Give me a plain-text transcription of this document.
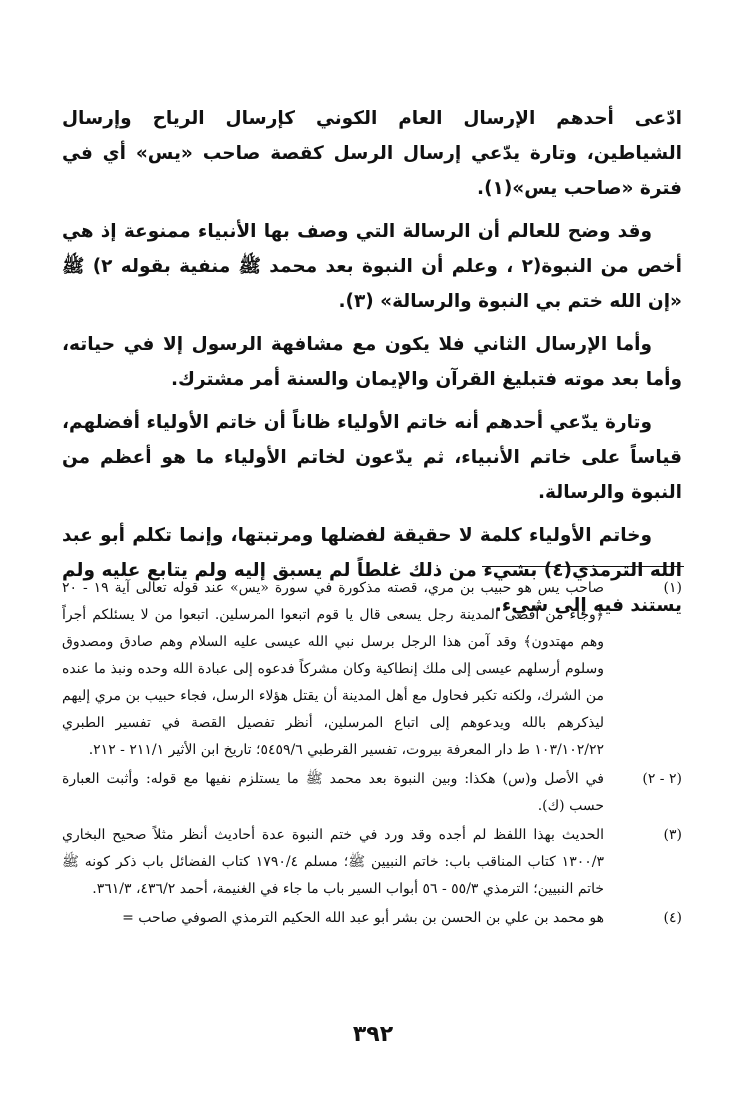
ادّعى أحدهم الإرسال العام الكوني كإرسال الرياح وإرسال الشياطين، وتارة يدّعي إرسال الرسل كقصة صاحب «يس» أي في فترة «صاحب يس»(١).

وقد وضح للعالم أن الرسالة التي وصف بها الأنبياء ممنوعة إذ هي أخص من النبوة(٢ ، وعلم أن النبوة بعد محمد ﷺ منفية بقوله ٢) ﷺ «إن الله ختم بي النبوة والرسالة» (٣).

وأما الإرسال الثاني فلا يكون مع مشافهة الرسول إلا في حياته، وأما بعد موته فتبليغ القرآن والإيمان والسنة أمر مشترك.

وتارة يدّعي أحدهم أنه خاتم الأولياء ظاناً أن خاتم الأولياء أفضلهم، قياساً على خاتم الأنبياء، ثم يدّعون لخاتم الأولياء ما هو أعظم من النبوة والرسالة.

وخاتم الأولياء كلمة لا حقيقة لفضلها ومرتبتها، وإنما تكلم أبو عبد الله الترمذي(٤) بشيء من ذلك غلطاً لم يسبق إليه ولم يتابع عليه ولم يستند فيه إلى شيء.

(١)
صاحب يس هو حبيب بن مري، قصته مذكورة في سورة «يس» عند قوله تعالى آية ١٩ - ٢٠ ﴿وجاء من أقصى المدينة رجل يسعى قال يا قوم اتبعوا المرسلين. اتبعوا من لا يسئلكم أجراً وهم مهتدون﴾ وقد آمن هذا الرجل برسل نبي الله عيسى عليه السلام وهم صادق ومصدوق وسلوم أرسلهم عيسى إلى ملك إنطاكية وكان مشركاً فدعوه إلى عبادة الله وحده ونبذ ما عنده من الشرك، ولكنه تكبر فحاول مع أهل المدينة أن يقتل هؤلاء الرسل، فجاء حبيب بن مري إليهم ليذكرهم بالله ويدعوهم إلى اتباع المرسلين، أنظر تفصيل القصة في تفسير الطبري ١٠٣/١٠٢/٢٢ ط دار المعرفة بيروت، تفسير القرطبي ٥٤٥٩/٦؛ تاريخ ابن الأثير ٢١١/١ - ٢١٢.
(٢ - ٢)
في الأصل و(س) هكذا: وبين النبوة بعد محمد ﷺ ما يستلزم نفيها مع قوله: وأثبت العبارة حسب (ك).
(٣)
الحديث بهذا اللفظ لم أجده وقد ورد في ختم النبوة عدة أحاديث أنظر مثلاً صحيح البخاري ١٣٠٠/٣ كتاب المناقب باب: خاتم النبيين ﷺ؛ مسلم ١٧٩٠/٤ كتاب الفضائل باب ذكر كونه ﷺ خاتم النبيين؛ الترمذي ٥٥/٣ - ٥٦ أبواب السير باب ما جاء في الغنيمة، أحمد ٤٣٦/٢، ٣٦١/٣.
(٤)
هو محمد بن علي بن الحسن بن بشر أبو عبد الله الحكيم الترمذي الصوفي صاحب =
٣٩٢
